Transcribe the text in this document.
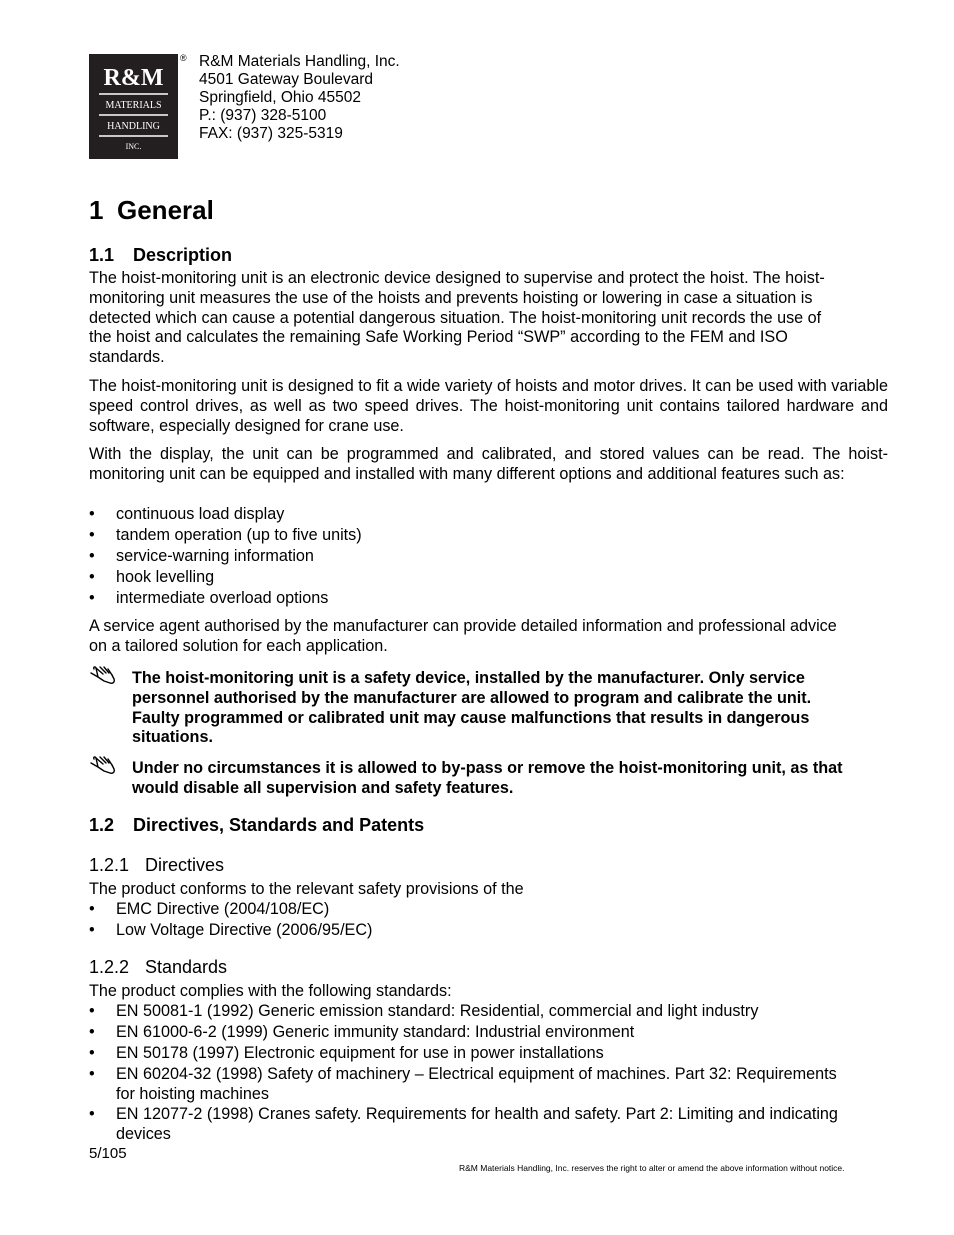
R&M
MATERIALS
HANDLING
INC.
® R&M Materials Handling, Inc.
4501 Gateway Boulevard
Springfield, Ohio 45502
P.: (937) 328-5100
FAX: (937) 325-5319
1 General
1.1 Description
The hoist-monitoring unit is an electronic device designed to supervise and protect the hoist. The hoist-
monitoring unit measures the use of the hoists and prevents hoisting or lowering in case a situation is
detected which can cause a potential dangerous situation. The hoist-monitoring unit records the use of
the hoist and calculates the remaining Safe Working Period “SWP” according to the FEM and ISO
standards.
The hoist-monitoring unit is designed to fit a wide variety of hoists and motor drives. It can be used with variable speed control drives, as well as two speed drives. The hoist-monitoring unit contains tailored hardware and software, especially designed for crane use.
With the display, the unit can be programmed and calibrated, and stored values can be read. The hoist-monitoring unit can be equipped and installed with many different options and additional features such as:
• continuous load display
• tandem operation (up to five units)
• service-warning information
• hook levelling
• intermediate overload options
A service agent authorised by the manufacturer can provide detailed information and professional advice
on a tailored solution for each application.
The hoist-monitoring unit is a safety device, installed by the manufacturer. Only service
personnel authorised by the manufacturer are allowed to program and calibrate the unit.
Faulty programmed or calibrated unit may cause malfunctions that results in dangerous
situations.
Under no circumstances it is allowed to by-pass or remove the hoist-monitoring unit, as that
would disable all supervision and safety features.
1.2 Directives, Standards and Patents
1.2.1 Directives
The product conforms to the relevant safety provisions of the
• EMC Directive (2004/108/EC)
• Low Voltage Directive (2006/95/EC)
1.2.2 Standards
The product complies with the following standards:
• EN 50081-1 (1992) Generic emission standard: Residential, commercial and light industry
• EN 61000-6-2 (1999) Generic immunity standard: Industrial environment
• EN 50178 (1997) Electronic equipment for use in power installations
• EN 60204-32 (1998) Safety of machinery – Electrical equipment of machines. Part 32: Requirements
for hoisting machines
• EN 12077-2 (1998) Cranes safety. Requirements for health and safety. Part 2: Limiting and indicating
devices
5/105
R&M Materials Handling, Inc. reserves the right to alter or amend the above information without notice.
